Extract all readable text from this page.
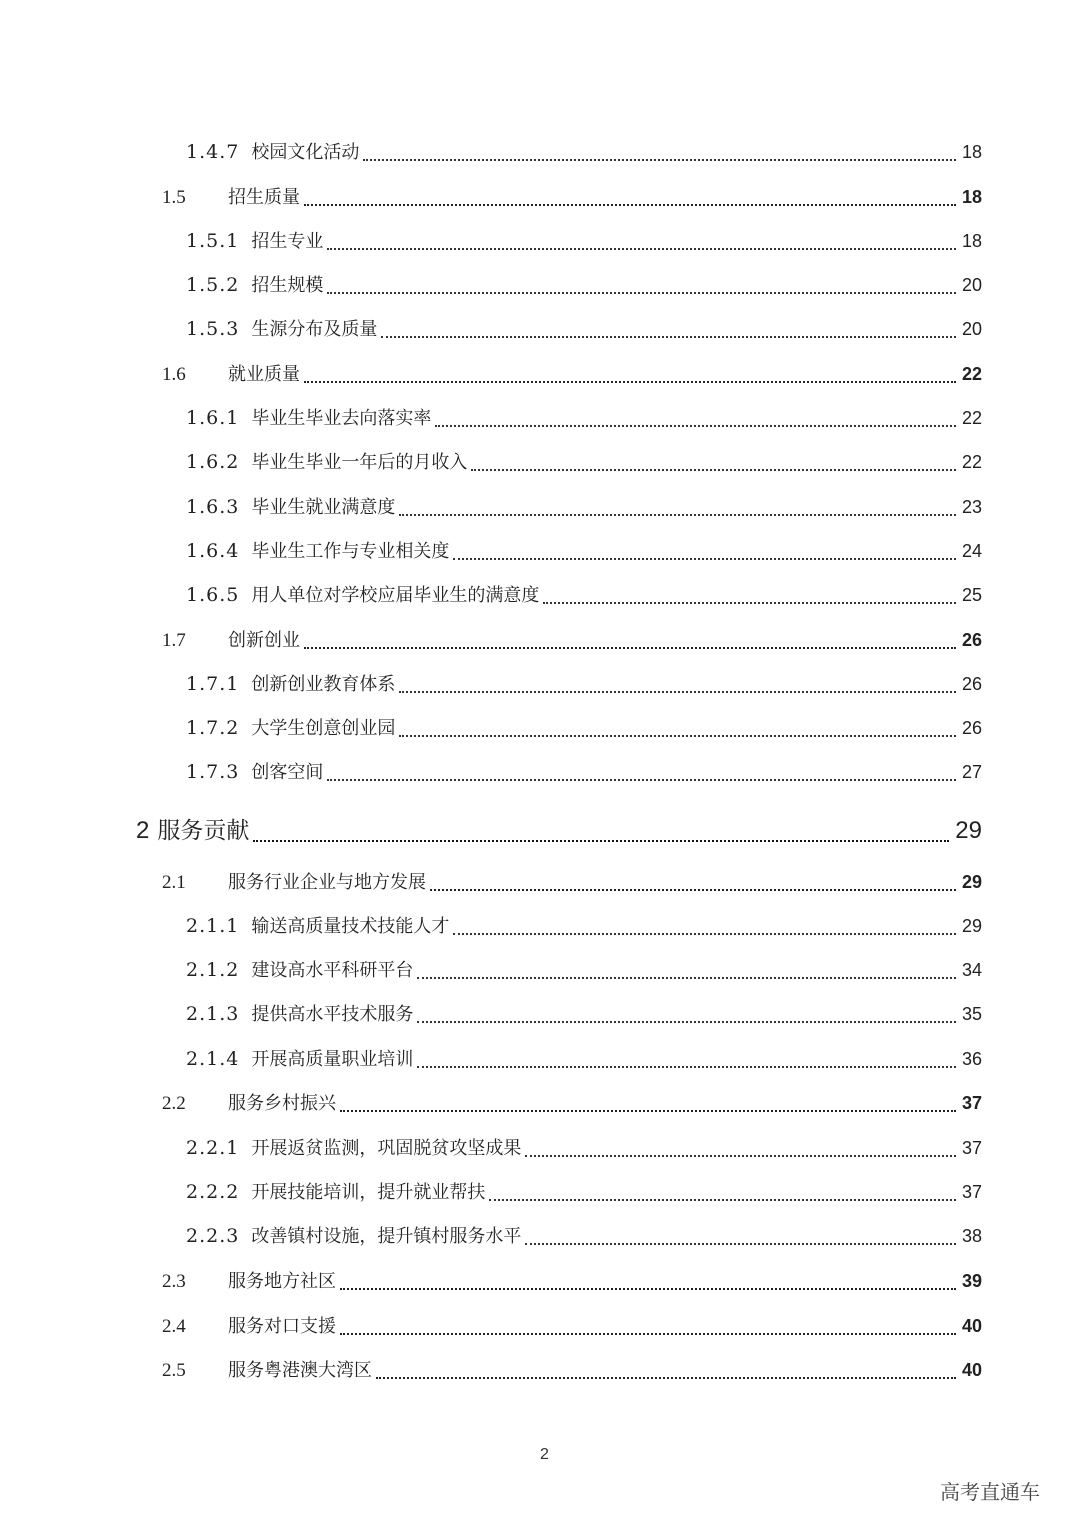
1.4.7 校园文化活动	18
1.5	招生质量	18
1.5.1 招生专业	18
1.5.2 招生规模	20
1.5.3 生源分布及质量	20
1.6	就业质量	22
1.6.1 毕业生毕业去向落实率	22
1.6.2 毕业生毕业一年后的月收入	22
1.6.3 毕业生就业满意度	23
1.6.4 毕业生工作与专业相关度	24
1.6.5 用人单位对学校应届毕业生的满意度	25
1.7	创新创业	26
1.7.1 创新创业教育体系	26
1.7.2 大学生创意创业园	26
1.7.3 创客空间	27
2 服务贡献	29
2.1	服务行业企业与地方发展	29
2.1.1 输送高质量技术技能人才	29
2.1.2 建设高水平科研平台	34
2.1.3 提供高水平技术服务	35
2.1.4 开展高质量职业培训	36
2.2	服务乡村振兴	37
2.2.1 开展返贫监测，巩固脱贫攻坚成果	37
2.2.2 开展技能培训，提升就业帮扶	37
2.2.3 改善镇村设施，提升镇村服务水平	38
2.3	服务地方社区	39
2.4	服务对口支援	40
2.5	服务粤港澳大湾区	40
2
高考直通车
